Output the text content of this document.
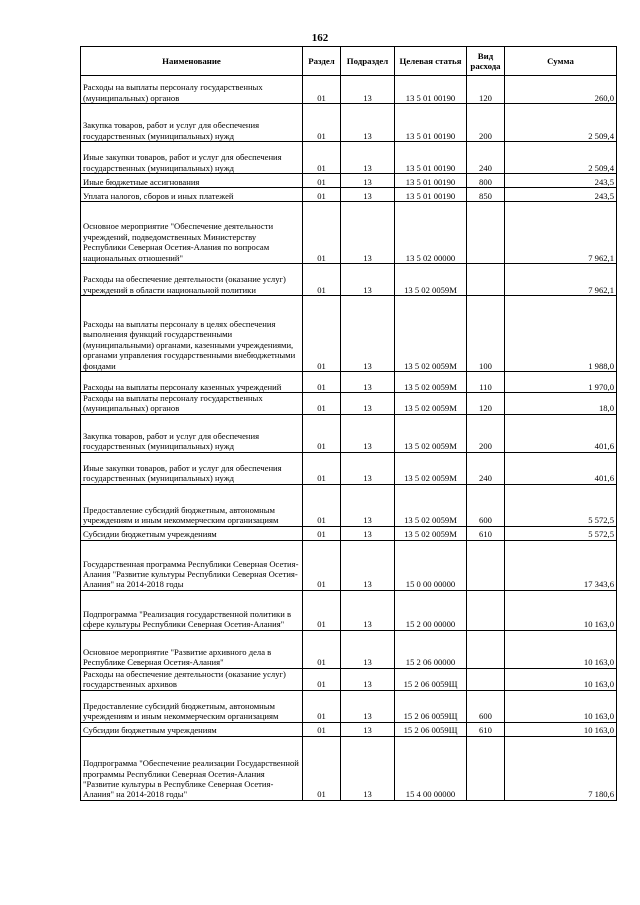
162
Наименование	Раздел	Подраздел	Целевая статья	Вид расхода	Сумма
Расходы на выплаты персоналу государственных (муниципальных) органов	01	13	13 5 01 00190	120	260,0
Закупка товаров, работ и услуг для обеспечения государственных (муниципальных) нужд	01	13	13 5 01 00190	200	2 509,4
Иные закупки товаров, работ и услуг для обеспечения государственных (муниципальных) нужд	01	13	13 5 01 00190	240	2 509,4
Иные бюджетные ассигнования	01	13	13 5 01 00190	800	243,5
Уплата налогов, сборов и иных платежей	01	13	13 5 01 00190	850	243,5
Основное мероприятие "Обеспечение деятельности учреждений, подведомственных Министерству Республики Северная Осетия-Алания по вопросам национальных отношений"	01	13	13 5 02 00000		7 962,1
Расходы на обеспечение деятельности (оказание услуг) учреждений в области национальной политики	01	13	13 5 02 0059М		7 962,1
Расходы на выплаты персоналу в целях обеспечения выполнения функций государственными (муниципальными) органами, казенными учреждениями, органами управления государственными внебюджетными фондами	01	13	13 5 02 0059М	100	1 988,0
Расходы на выплаты персоналу казенных учреждений	01	13	13 5 02 0059М	110	1 970,0
Расходы на выплаты персоналу государственных (муниципальных) органов	01	13	13 5 02 0059М	120	18,0
Закупка товаров, работ и услуг для обеспечения государственных (муниципальных) нужд	01	13	13 5 02 0059М	200	401,6
Иные закупки товаров, работ и услуг для обеспечения государственных (муниципальных) нужд	01	13	13 5 02 0059М	240	401,6
Предоставление субсидий бюджетным, автономным учреждениям и иным некоммерческим организациям	01	13	13 5 02 0059М	600	5 572,5
Субсидии бюджетным учреждениям	01	13	13 5 02 0059М	610	5 572,5
Государственная программа Республики Северная Осетия-Алания "Развитие культуры Республики Северная Осетия-Алания" на 2014-2018 годы	01	13	15 0 00 00000		17 343,6
Подпрограмма "Реализация государственной политики в сфере культуры Республики Северная Осетия-Алания"	01	13	15 2 00 00000		10 163,0
Основное мероприятие "Развитие архивного дела в Республике Северная Осетия-Алания"	01	13	15 2 06 00000		10 163,0
Расходы на обеспечение деятельности (оказание услуг) государственных архивов	01	13	15 2 06 0059Щ		10 163,0
Предоставление субсидий бюджетным, автономным учреждениям и иным некоммерческим организациям	01	13	15 2 06 0059Щ	600	10 163,0
Субсидии бюджетным учреждениям	01	13	15 2 06 0059Щ	610	10 163,0
Подпрограмма "Обеспечение реализации Государственной программы Республики Северная Осетия-Алания "Развитие культуры в Республике Северная Осетия-Алания" на 2014-2018 годы"	01	13	15 4 00 00000		7 180,6
